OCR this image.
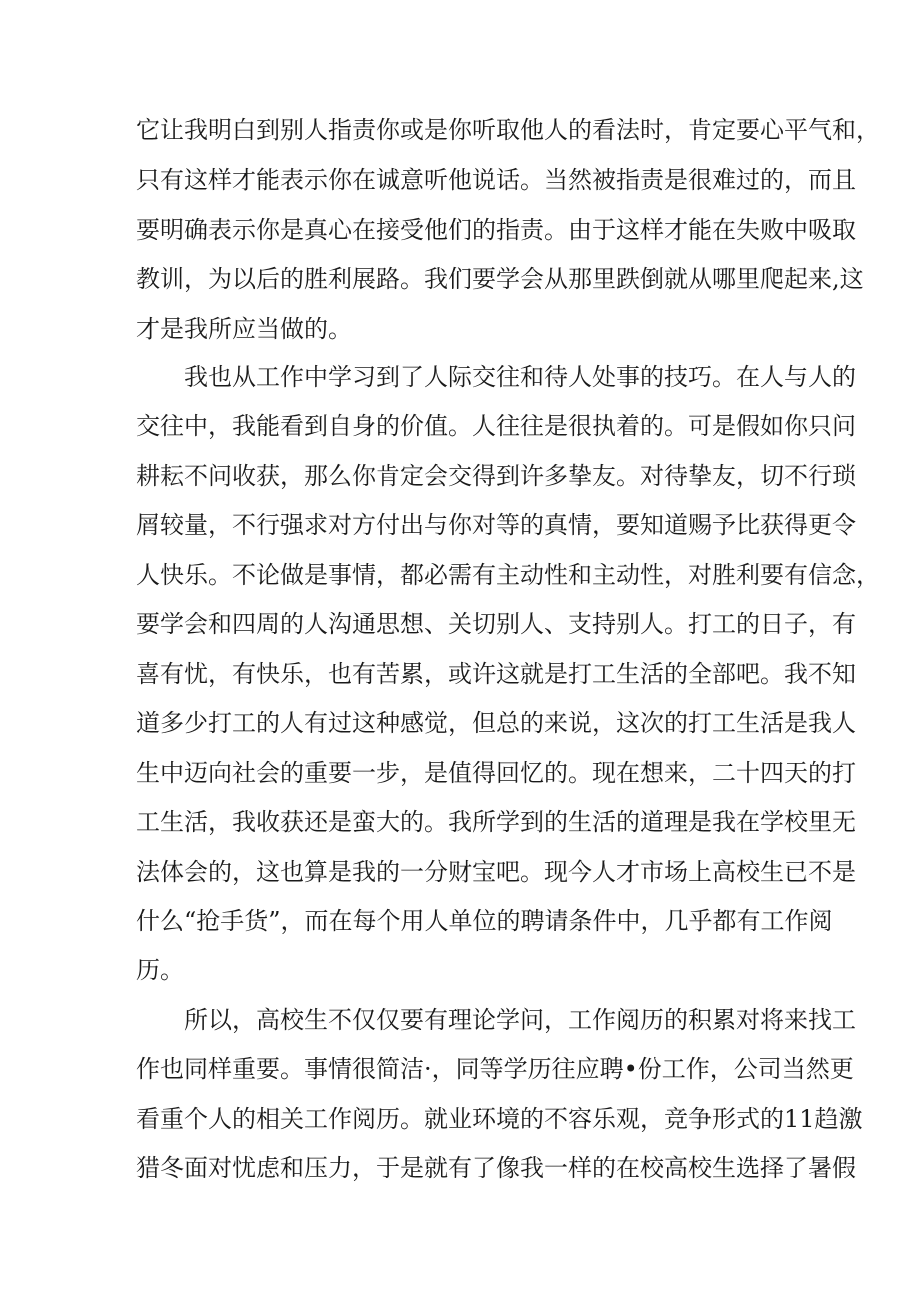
它让我明白到别人指责你或是你听取他人的看法时，肯定要心平气和，
只有这样才能表示你在诚意听他说话。当然被指责是很难过的，而且
要明确表示你是真心在接受他们的指责。由于这样才能在失败中吸取
教训，为以后的胜利展路。我们要学会从那里跌倒就从哪里爬起来,这
才是我所应当做的。
我也从工作中学习到了人际交往和待人处事的技巧。在人与人的
交往中，我能看到自身的价值。人往往是很执着的。可是假如你只问
耕耘不问收获，那么你肯定会交得到许多挚友。对待挚友，切不行琐
屑较量，不行强求对方付出与你对等的真情，要知道赐予比获得更令
人快乐。不论做是事情，都必需有主动性和主动性，对胜利要有信念，
要学会和四周的人沟通思想、关切别人、支持别人。打工的日子，有
喜有忧，有快乐，也有苦累，或许这就是打工生活的全部吧。我不知
道多少打工的人有过这种感觉，但总的来说，这次的打工生活是我人
生中迈向社会的重要一步，是值得回忆的。现在想来，二十四天的打
工生活，我收获还是蛮大的。我所学到的生活的道理是我在学校里无
法体会的，这也算是我的一分财宝吧。现今人才市场上高校生已不是
什么“抢手货”，而在每个用人单位的聘请条件中，几乎都有工作阅
历。
所以，高校生不仅仅要有理论学问，工作阅历的积累对将来找工
作也同样重要。事情很简洁·，同等学历往应聘•份工作，公司当然更
看重个人的相关工作阅历。就业环境的不容乐观，竞争形式的11趋激
猎冬面对忧虑和压力，于是就有了像我一样的在校高校生选择了暑假
